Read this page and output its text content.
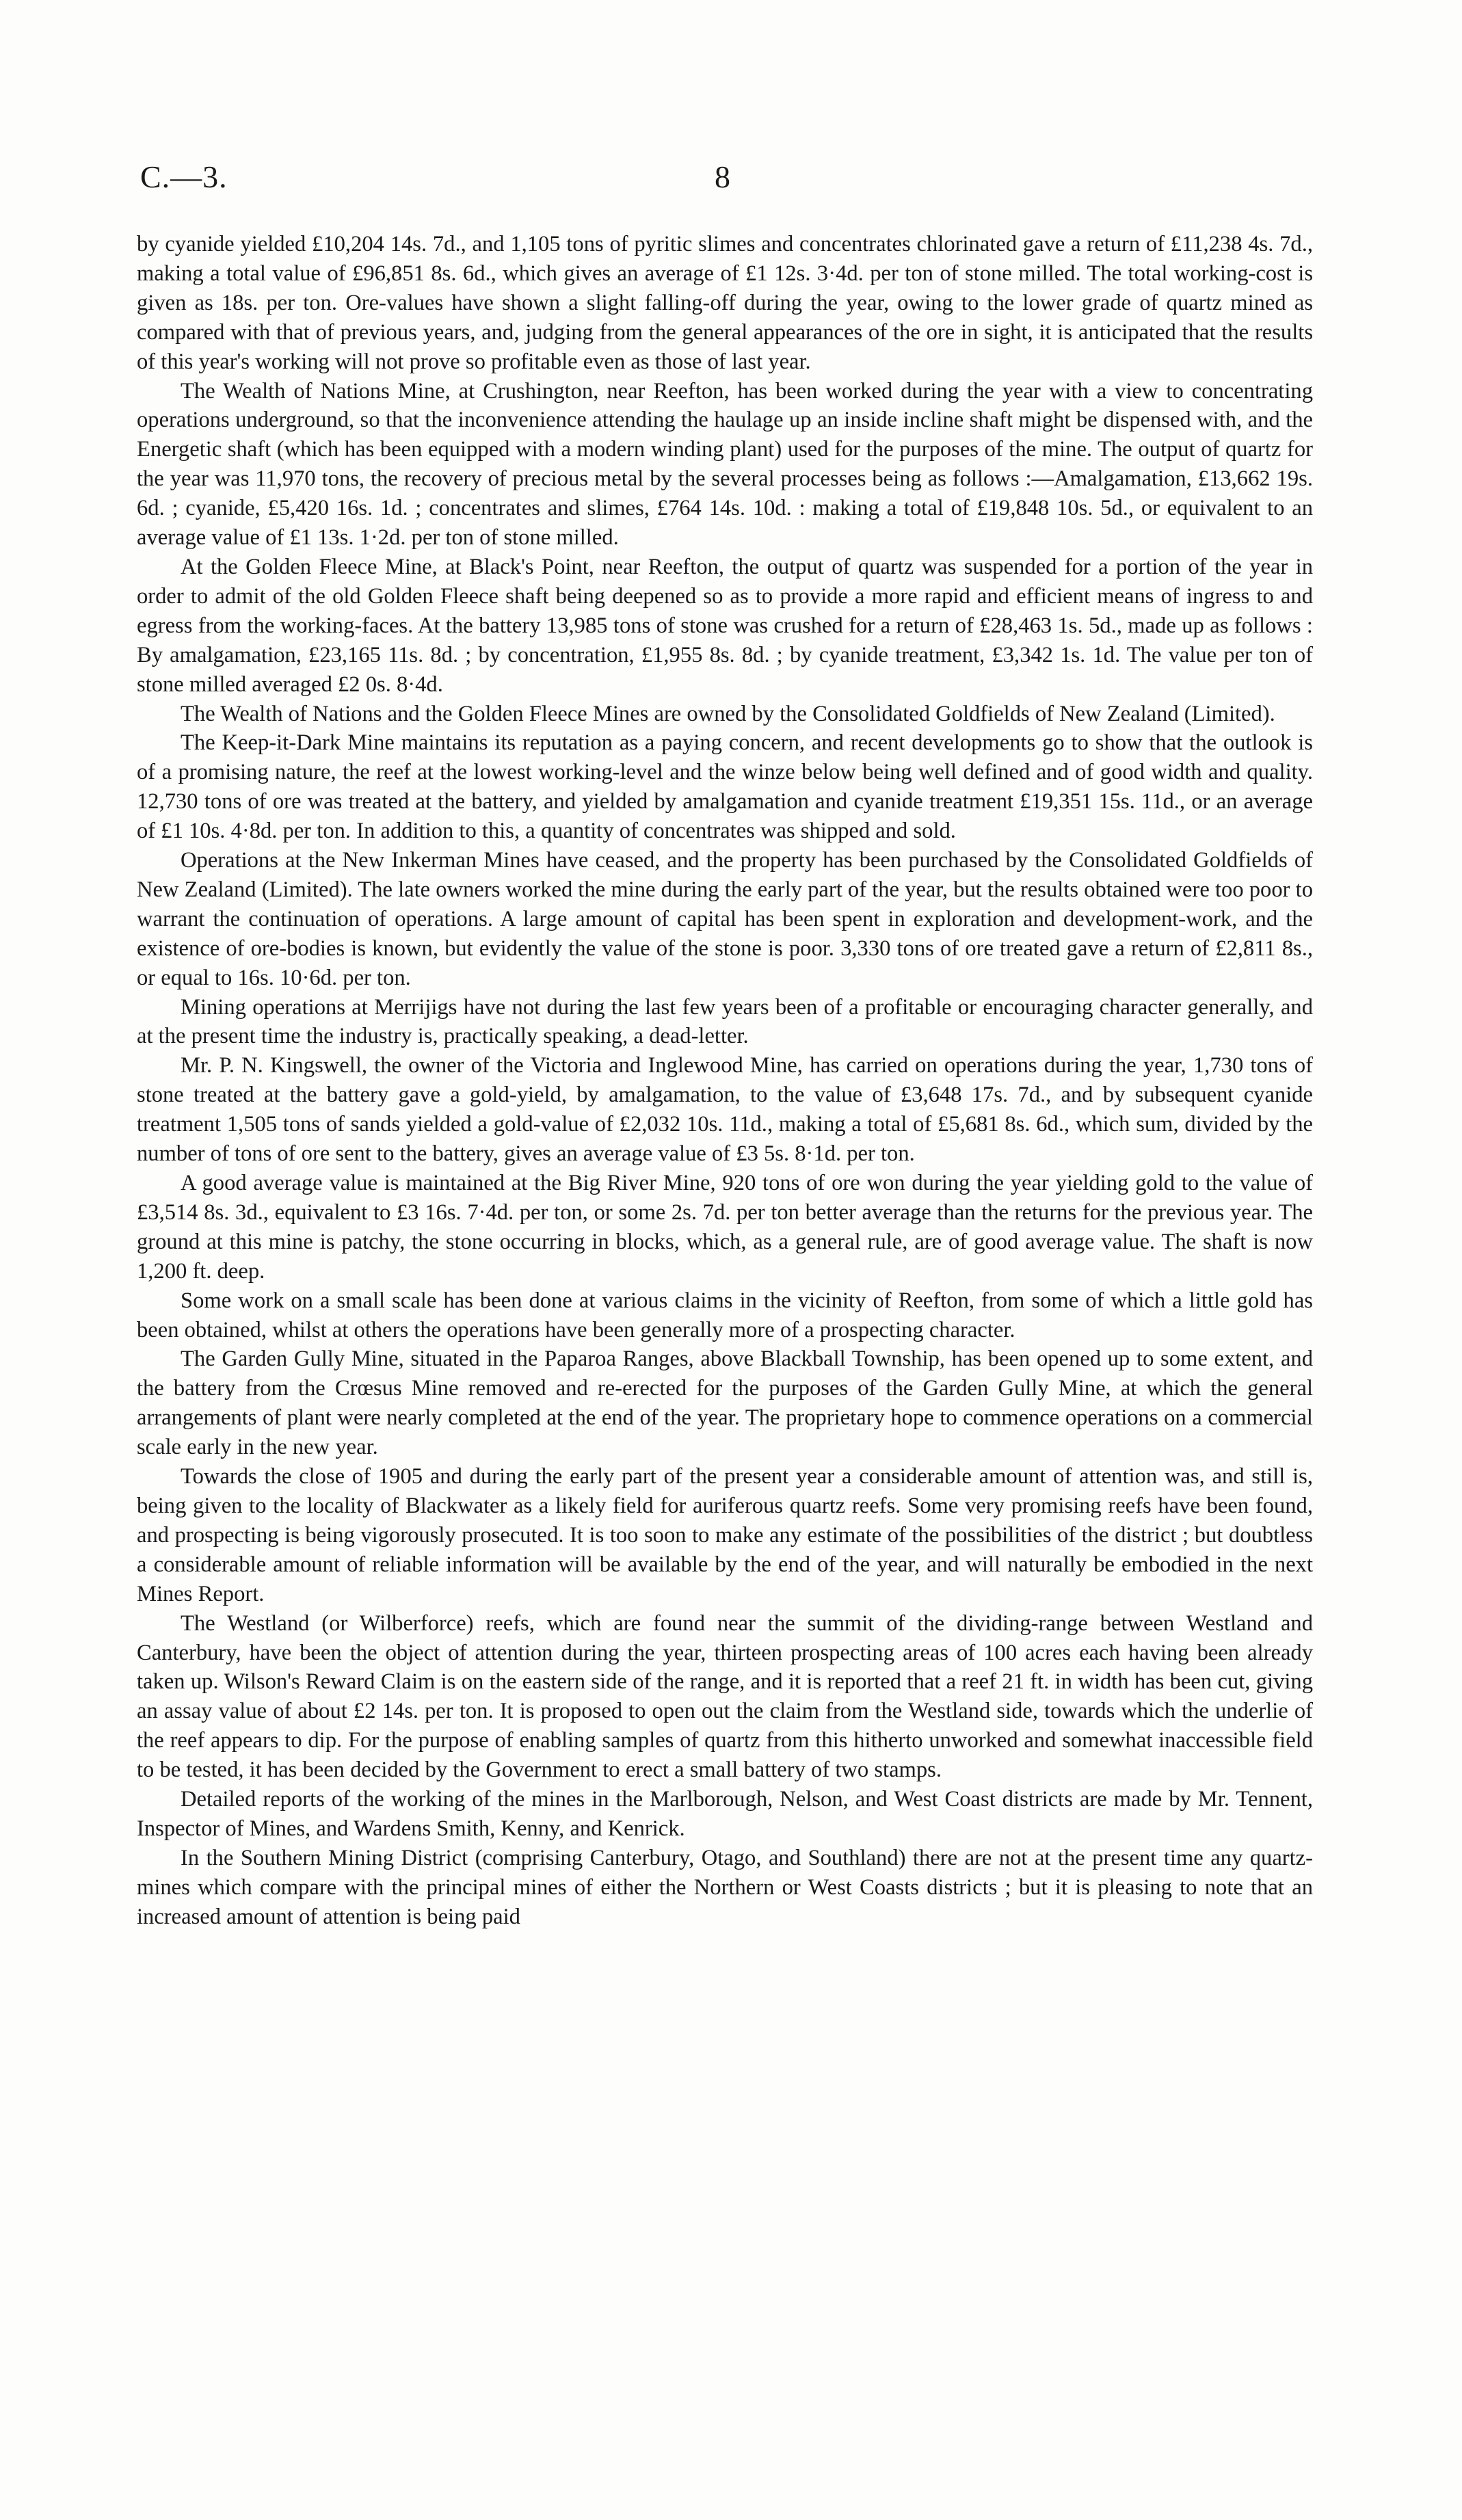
C.—3.	8

by cyanide yielded £10,204 14s. 7d., and 1,105 tons of pyritic slimes and concentrates chlorinated gave a return of £11,238 4s. 7d., making a total value of £96,851 8s. 6d., which gives an average of £1 12s. 3·4d. per ton of stone milled. The total working-cost is given as 18s. per ton. Ore-values have shown a slight falling-off during the year, owing to the lower grade of quartz mined as compared with that of previous years, and, judging from the general appearances of the ore in sight, it is anticipated that the results of this year's working will not prove so profitable even as those of last year.

The Wealth of Nations Mine, at Crushington, near Reefton, has been worked during the year with a view to concentrating operations underground, so that the inconvenience attending the haulage up an inside incline shaft might be dispensed with, and the Energetic shaft (which has been equipped with a modern winding plant) used for the purposes of the mine. The output of quartz for the year was 11,970 tons, the recovery of precious metal by the several processes being as follows :—Amalgamation, £13,662 19s. 6d. ; cyanide, £5,420 16s. 1d. ; concentrates and slimes, £764 14s. 10d. : making a total of £19,848 10s. 5d., or equivalent to an average value of £1 13s. 1·2d. per ton of stone milled.

At the Golden Fleece Mine, at Black's Point, near Reefton, the output of quartz was suspended for a portion of the year in order to admit of the old Golden Fleece shaft being deepened so as to provide a more rapid and efficient means of ingress to and egress from the working-faces. At the battery 13,985 tons of stone was crushed for a return of £28,463 1s. 5d., made up as follows : By amalgamation, £23,165 11s. 8d. ; by concentration, £1,955 8s. 8d. ; by cyanide treatment, £3,342 1s. 1d. The value per ton of stone milled averaged £2 0s. 8·4d.

The Wealth of Nations and the Golden Fleece Mines are owned by the Consolidated Goldfields of New Zealand (Limited).

The Keep-it-Dark Mine maintains its reputation as a paying concern, and recent developments go to show that the outlook is of a promising nature, the reef at the lowest working-level and the winze below being well defined and of good width and quality. 12,730 tons of ore was treated at the battery, and yielded by amalgamation and cyanide treatment £19,351 15s. 11d., or an average of £1 10s. 4·8d. per ton. In addition to this, a quantity of concentrates was shipped and sold.

Operations at the New Inkerman Mines have ceased, and the property has been purchased by the Consolidated Goldfields of New Zealand (Limited). The late owners worked the mine during the early part of the year, but the results obtained were too poor to warrant the continuation of operations. A large amount of capital has been spent in exploration and development-work, and the existence of ore-bodies is known, but evidently the value of the stone is poor. 3,330 tons of ore treated gave a return of £2,811 8s., or equal to 16s. 10·6d. per ton.

Mining operations at Merrijigs have not during the last few years been of a profitable or encouraging character generally, and at the present time the industry is, practically speaking, a dead-letter.

Mr. P. N. Kingswell, the owner of the Victoria and Inglewood Mine, has carried on operations during the year, 1,730 tons of stone treated at the battery gave a gold-yield, by amalgamation, to the value of £3,648 17s. 7d., and by subsequent cyanide treatment 1,505 tons of sands yielded a gold-value of £2,032 10s. 11d., making a total of £5,681 8s. 6d., which sum, divided by the number of tons of ore sent to the battery, gives an average value of £3 5s. 8·1d. per ton.

A good average value is maintained at the Big River Mine, 920 tons of ore won during the year yielding gold to the value of £3,514 8s. 3d., equivalent to £3 16s. 7·4d. per ton, or some 2s. 7d. per ton better average than the returns for the previous year. The ground at this mine is patchy, the stone occurring in blocks, which, as a general rule, are of good average value. The shaft is now 1,200 ft. deep.

Some work on a small scale has been done at various claims in the vicinity of Reefton, from some of which a little gold has been obtained, whilst at others the operations have been generally more of a prospecting character.

The Garden Gully Mine, situated in the Paparoa Ranges, above Blackball Township, has been opened up to some extent, and the battery from the Crœsus Mine removed and re-erected for the purposes of the Garden Gully Mine, at which the general arrangements of plant were nearly completed at the end of the year. The proprietary hope to commence operations on a commercial scale early in the new year.

Towards the close of 1905 and during the early part of the present year a considerable amount of attention was, and still is, being given to the locality of Blackwater as a likely field for auriferous quartz reefs. Some very promising reefs have been found, and prospecting is being vigorously prosecuted. It is too soon to make any estimate of the possibilities of the district ; but doubtless a considerable amount of reliable information will be available by the end of the year, and will naturally be embodied in the next Mines Report.

The Westland (or Wilberforce) reefs, which are found near the summit of the dividing-range between Westland and Canterbury, have been the object of attention during the year, thirteen prospecting areas of 100 acres each having been already taken up. Wilson's Reward Claim is on the eastern side of the range, and it is reported that a reef 21 ft. in width has been cut, giving an assay value of about £2 14s. per ton. It is proposed to open out the claim from the Westland side, towards which the underlie of the reef appears to dip. For the purpose of enabling samples of quartz from this hitherto unworked and somewhat inaccessible field to be tested, it has been decided by the Government to erect a small battery of two stamps.

Detailed reports of the working of the mines in the Marlborough, Nelson, and West Coast districts are made by Mr. Tennent, Inspector of Mines, and Wardens Smith, Kenny, and Kenrick.

In the Southern Mining District (comprising Canterbury, Otago, and Southland) there are not at the present time any quartz-mines which compare with the principal mines of either the Northern or West Coasts districts ; but it is pleasing to note that an increased amount of attention is being paid
